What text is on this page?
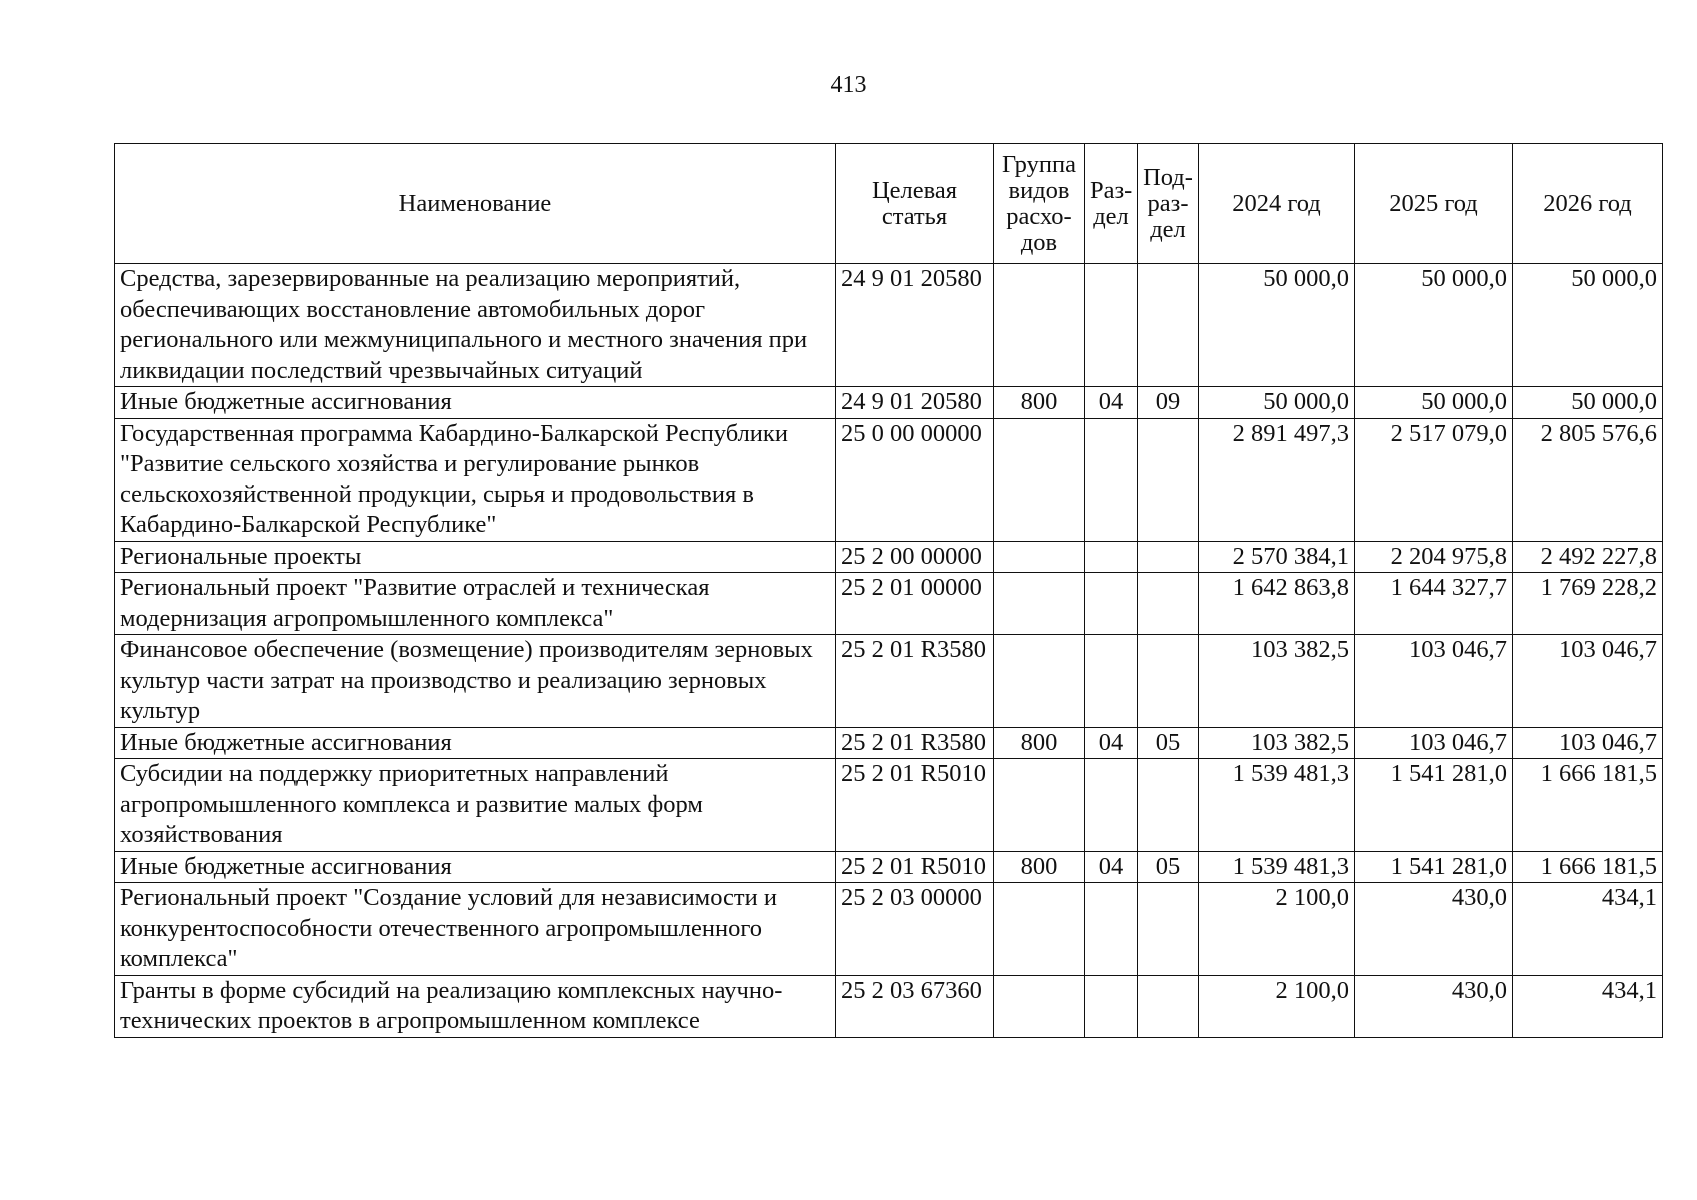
413
Наименование	Целевая статья	Группа видов расхо-дов	Раз-дел	Под-раз-дел	2024 год	2025 год	2026 год
Средства, зарезервированные на реализацию мероприятий, обеспечивающих восстановление автомобильных дорог регионального или межмуниципального и местного значения при ликвидации последствий чрезвычайных ситуаций	24 9 01 20580				50 000,0	50 000,0	50 000,0
Иные бюджетные ассигнования	24 9 01 20580	800	04	09	50 000,0	50 000,0	50 000,0
Государственная программа Кабардино-Балкарской Республики "Развитие сельского хозяйства и регулирование рынков сельскохозяйственной продукции, сырья и продовольствия в Кабардино-Балкарской Республике"	25 0 00 00000				2 891 497,3	2 517 079,0	2 805 576,6
Региональные проекты	25 2 00 00000				2 570 384,1	2 204 975,8	2 492 227,8
Региональный проект "Развитие отраслей и техническая модернизация агропромышленного комплекса"	25 2 01 00000				1 642 863,8	1 644 327,7	1 769 228,2
Финансовое обеспечение (возмещение) производителям зерновых культур части затрат на производство и реализацию зерновых культур	25 2 01 R3580				103 382,5	103 046,7	103 046,7
Иные бюджетные ассигнования	25 2 01 R3580	800	04	05	103 382,5	103 046,7	103 046,7
Субсидии на поддержку приоритетных направлений агропромышленного комплекса и развитие малых форм хозяйствования	25 2 01 R5010				1 539 481,3	1 541 281,0	1 666 181,5
Иные бюджетные ассигнования	25 2 01 R5010	800	04	05	1 539 481,3	1 541 281,0	1 666 181,5
Региональный проект "Создание условий для независимости и конкурентоспособности отечественного агропромышленного комплекса"	25 2 03 00000				2 100,0	430,0	434,1
Гранты в форме субсидий на реализацию комплексных научно-технических проектов в агропромышленном комплексе	25 2 03 67360				2 100,0	430,0	434,1
